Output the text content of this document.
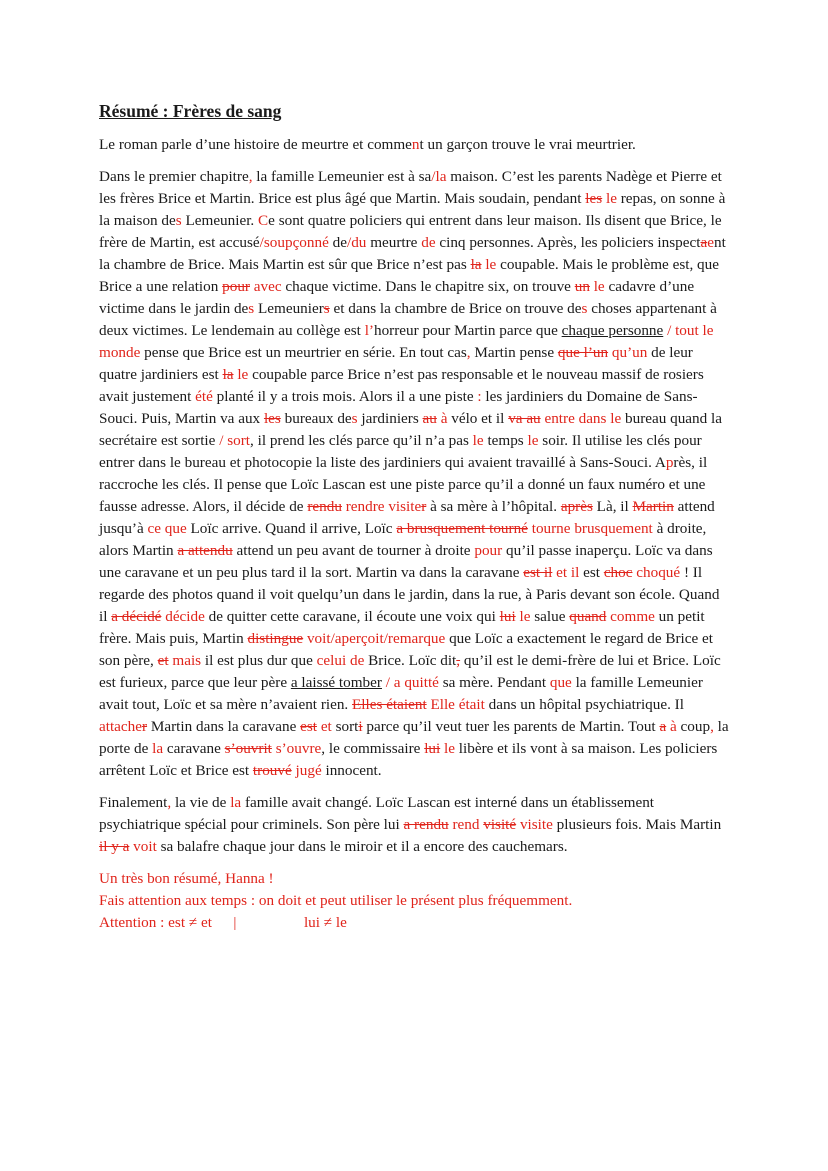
Résumé : Frères de sang

Le roman parle d’une histoire de meurtre et comment un garçon trouve le vrai meurtrier.

Dans le premier chapitre, la famille Lemeunier est à sa/la maison. C’est les parents Nadège et Pierre et les frères Brice et Martin. Brice est plus âgé que Martin. Mais soudain, pendant les le repas, on sonne à la maison des Lemeunier. Ce sont quatre policiers qui entrent dans leur maison. Ils disent que Brice, le frère de Martin, est accusé/soupçonné de/du meurtre de cinq personnes. Après, les policiers inspectaent la chambre de Brice. Mais Martin est sûr que Brice n’est pas la le coupable. Mais le problème est, que Brice a une relation pour avec chaque victime. Dans le chapitre six, on trouve un le cadavre d’une victime dans le jardin des Lemeuniers et dans la chambre de Brice on trouve des choses appartenant à deux victimes. Le lendemain au collège est l’horreur pour Martin parce que chaque personne / tout le monde pense que Brice est un meurtrier en série. En tout cas, Martin pense que l’un qu’un de leur quatre jardiniers est la le coupable parce Brice n’est pas responsable et le nouveau massif de rosiers avait justement été planté il y a trois mois. Alors il a une piste : les jardiniers du Domaine de Sans-Souci. Puis, Martin va aux les bureaux des jardiniers au à vélo et il va au entre dans le bureau quand la secrétaire est sortie / sort, il prend les clés parce qu’il n’a pas le temps le soir. Il utilise les clés pour entrer dans le bureau et photocopie la liste des jardiniers qui avaient travaillé à Sans-Souci. Après, il raccroche les clés. Il pense que Loïc Lascan est une piste parce qu’il a donné un faux numéro et une fausse adresse. Alors, il décide de rendu rendre visiter à sa mère à l’hôpital. après Là, il Martin attend jusqu’à ce que Loïc arrive. Quand il arrive, Loïc a brusquement tourné tourne brusquement à droite, alors Martin a attendu attend un peu avant de tourner à droite pour qu’il passe inaperçu. Loïc va dans une caravane et un peu plus tard il la sort. Martin va dans la caravane est il et il est choc choqué ! Il regarde des photos quand il voit quelqu’un dans le jardin, dans la rue, à Paris devant son école. Quand il a décidé décide de quitter cette caravane, il écoute une voix qui lui le salue quand comme un petit frère. Mais puis, Martin distingue voit/aperçoit/remarque que Loïc a exactement le regard de Brice et son père, et mais il est plus dur que celui de Brice. Loïc dit, qu’il est le demi-frère de lui et Brice. Loïc est furieux, parce que leur père a laissé tomber / a quitté sa mère. Pendant que la famille Lemeunier avait tout, Loïc et sa mère n’avaient rien. Elles étaient Elle était dans un hôpital psychiatrique. Il attacher Martin dans la caravane est et sorti parce qu’il veut tuer les parents de Martin. Tout a à coup, la porte de la caravane s’ouvrit s’ouvre, le commissaire lui le libère et ils vont à sa maison. Les policiers arrêtent Loïc et Brice est trouvé jugé innocent.

Finalement, la vie de la famille avait changé. Loïc Lascan est interné dans un établissement psychiatrique spécial pour criminels. Son père lui a rendu rend visité visite plusieurs fois. Mais Martin il y a voit sa balafre chaque jour dans le miroir et il a encore des cauchemars.

Un très bon résumé, Hanna !
Fais attention aux temps : on doit et peut utiliser le présent plus fréquemment.
Attention : est ≠ et |	lui ≠ le
